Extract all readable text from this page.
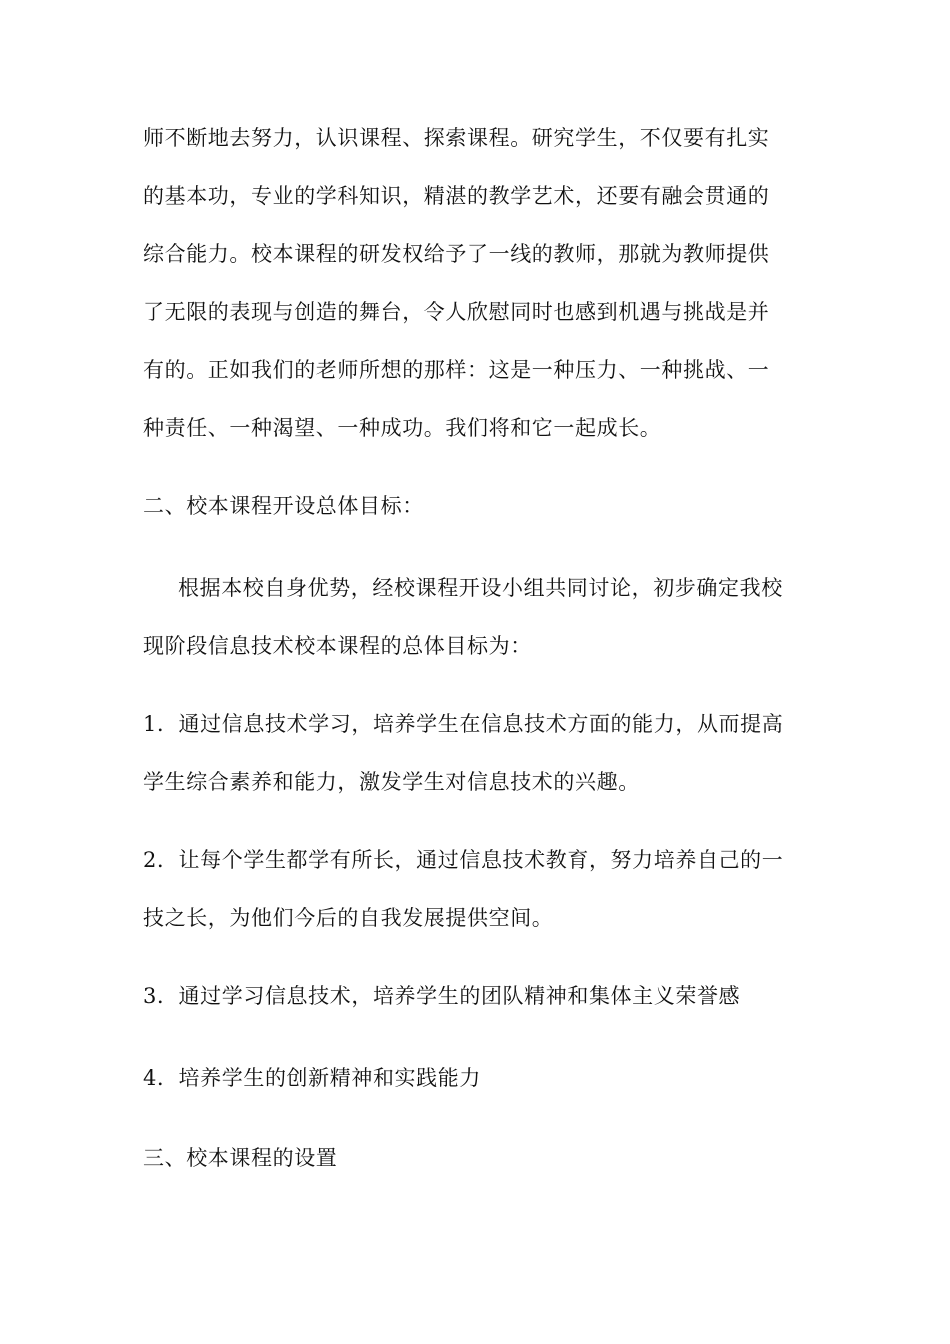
师不断地去努力，认识课程、探索课程。研究学生，不仅要有扎实

的基本功，专业的学科知识，精湛的教学艺术，还要有融会贯通的

综合能力。校本课程的研发权给予了一线的教师，那就为教师提供

了无限的表现与创造的舞台，令人欣慰同时也感到机遇与挑战是并

有的。正如我们的老师所想的那样：这是一种压力、一种挑战、一

种责任、一种渴望、一种成功。我们将和它一起成长。

二、校本课程开设总体目标：

根据本校自身优势，经校课程开设小组共同讨论，初步确定我校

现阶段信息技术校本课程的总体目标为：

1．通过信息技术学习，培养学生在信息技术方面的能力，从而提高

学生综合素养和能力，激发学生对信息技术的兴趣。

2．让每个学生都学有所长，通过信息技术教育，努力培养自己的一

技之长，为他们今后的自我发展提供空间。

3．通过学习信息技术，培养学生的团队精神和集体主义荣誉感

4．培养学生的创新精神和实践能力

三、校本课程的设置
